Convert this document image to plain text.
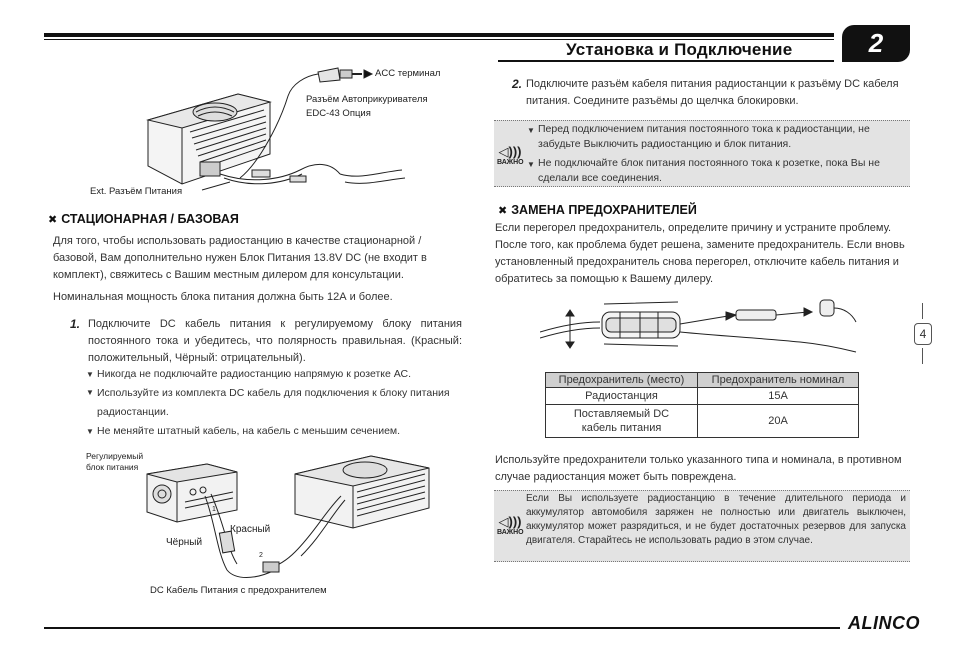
Установка и Подключение	2
4
ACC терминал
Разъём Автоприкуривателя
EDC-43 Опция
Ext. Разъём Питания
✖ СТАЦИОНАРНАЯ / БАЗОВАЯ
Для того, чтобы использовать радиостанцию в качестве стационарной / базовой, Вам дополнительно нужен Блок Питания 13.8V DC (не входит в комплект), свяжитесь с Вашим местным дилером для консультации.
Номинальная мощность блока питания должна быть 12А и более.
1. Подключите DC кабель питания к регулируемому блоку питания постоянного тока и убедитесь, что полярность правильная. (Красный: положительный, Чёрный: отрицательный).
▼ Никогда не подключайте радиостанцию напрямую к розетке АС.
▼ Используйте из комплекта DC кабель для подключения к блоку питания радиостанции.
▼ Не меняйте штатный кабель, на кабель с меньшим сечением.
Регулируемый
блок питания
Красный
Чёрный
1
2
DC Кабель Питания с предохранителем
2. Подключите разъём кабеля питания радиостанции к разъёму DC кабеля питания. Соедините разъёмы до щелчка блокировки.
◁)))
ВАЖНО
▼ Перед подключением питания постоянного тока к радиостанции, не забудьте Выключить радиостанцию и блок питания.
▼ Не подключайте блок питания постоянного тока к розетке, пока Вы не сделали все соединения.
✖ ЗАМЕНА ПРЕДОХРАНИТЕЛЕЙ
Если перегорел предохранитель, определите причину и устраните проблему. После того, как проблема будет решена, замените предохранитель. Если вновь установленный предохранитель снова перегорел, отключите кабель питания и обратитесь за помощью к Вашему дилеру.
Предохранитель (место)	Предохранитель номинал
Радиостанция	15А
Поставляемый DC кабель питания	20А
Используйте предохранители только указанного типа и номинала, в противном случае радиостанция может быть повреждена.
◁)))
ВАЖНО
Если Вы используете радиостанцию в течение длительного периода и аккумулятор автомобиля заряжен не полностью или двигатель выключен, аккумулятор может разрядиться, и не будет достаточных резервов для запуска двигателя. Старайтесь не использовать радио в этом случае.
ALINCO
